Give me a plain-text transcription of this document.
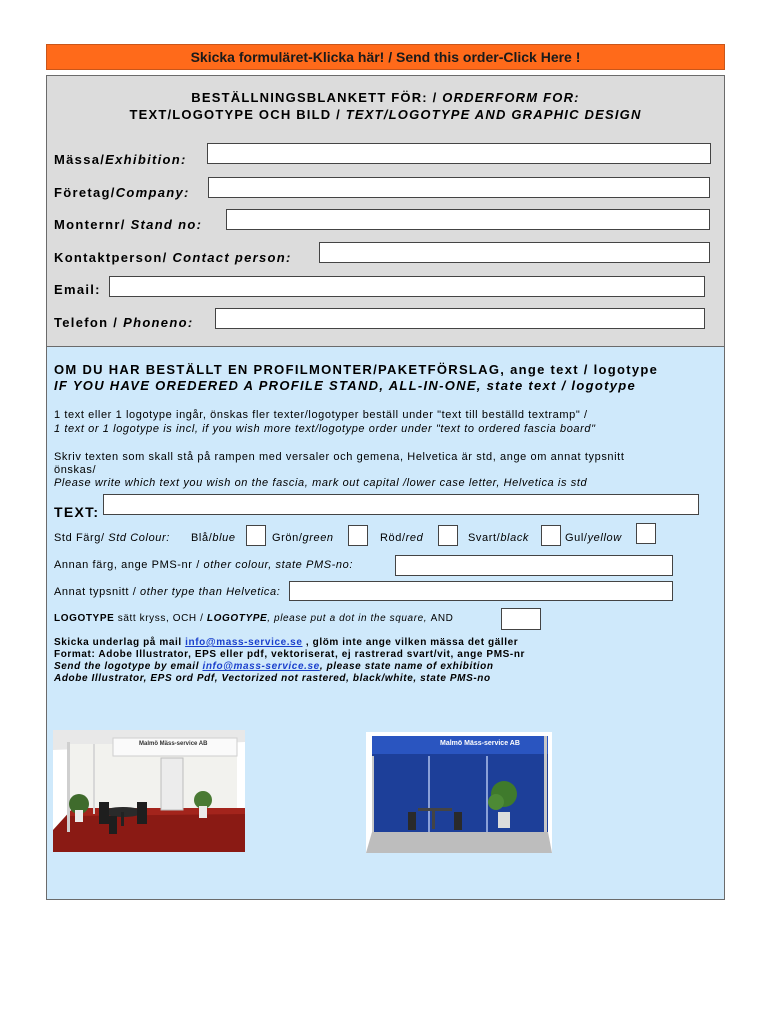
Skicka formuläret-Klicka här! / Send this order-Click Here !
BESTÄLLNINGSBLANKETT FÖR: / ORDERFORM FOR:
TEXT/LOGOTYPE OCH BILD / TEXT/LOGOTYPE AND GRAPHIC DESIGN
Mässa/Exhibition:
Företag/Company:
Monternr/ Stand no:
Kontaktperson/ Contact person:
Email:
Telefon / Phoneno:
OM DU HAR BESTÄLLT EN PROFILMONTER/PAKETFÖRSLAG, ange text / logotype
IF YOU HAVE OREDERED A PROFILE STAND, ALL-IN-ONE, state text / logotype
1 text eller 1 logotype ingår, önskas fler texter/logotyper beställ under "text till beställd textramp" /
1 text or 1 logotype is incl, if you wish more text/logotype order under "text to ordered fascia board"
Skriv texten som skall stå på rampen med versaler och gemena, Helvetica är std, ange om annat typsnitt
önskas/
Please write which text you wish on the fascia, mark out capital /lower case letter, Helvetica is std
TEXT:
Std Färg/ Std Colour: Blå/blue	Grön/green	Röd/red	Svart/black	Gul/yellow
Annan färg, ange PMS-nr / other colour, state PMS-no:
Annat typsnitt / other type than Helvetica:
LOGOTYPE sätt kryss, OCH / LOGOTYPE, please put a dot in the square, AND
Skicka underlag på mail info@mass-service.se , glöm inte ange vilken mässa det gäller
Format: Adobe Illustrator, EPS eller pdf, vektoriserat, ej rastrerad svart/vit, ange PMS-nr
Send the logotype by email info@mass-service.se, please state name of exhibition
Adobe Illustrator, EPS ord Pdf, Vectorized not rastered, black/white, state PMS-no
Malmö Mäss-service AB	Malmö Mäss-service AB
